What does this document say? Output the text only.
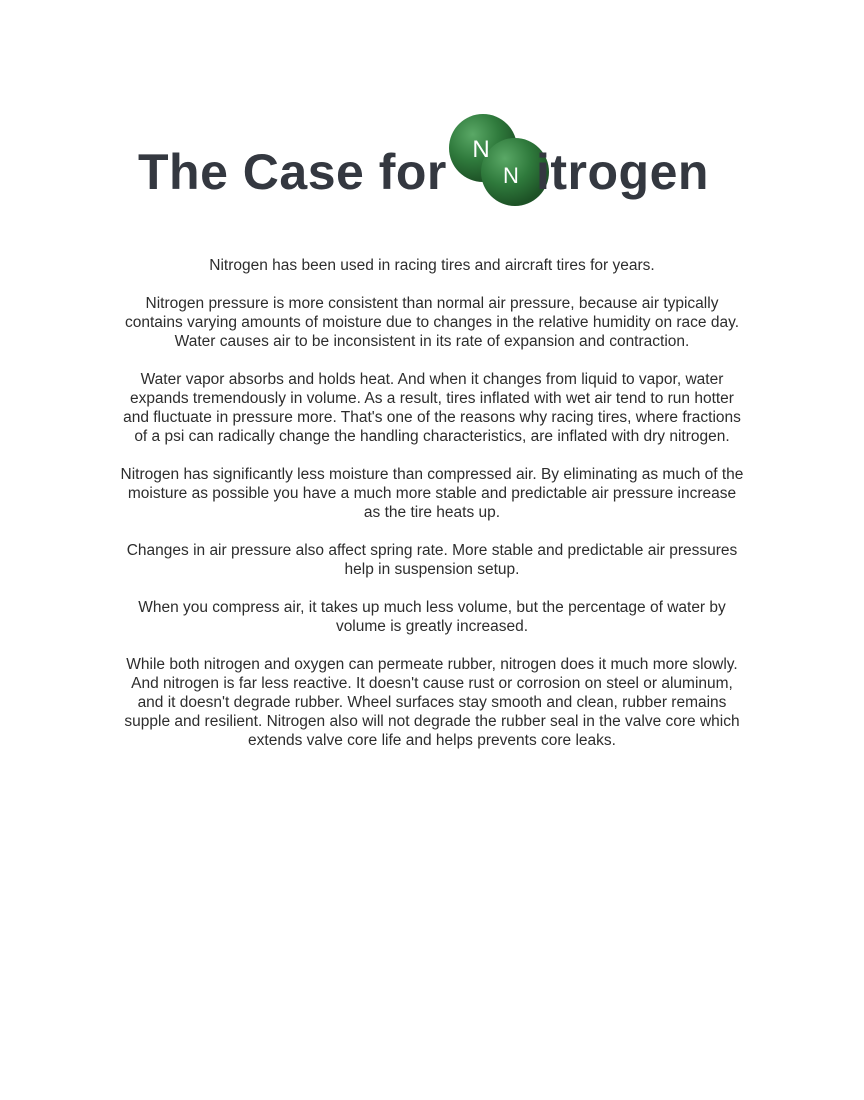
The Case for N
N itrogen

Nitrogen has been used in racing tires and aircraft tires for years.

Nitrogen pressure is more consistent than normal air pressure, because air typically contains varying amounts of moisture due to changes in the relative humidity on race day. Water causes air to be inconsistent in its rate of expansion and contraction.

Water vapor absorbs and holds heat. And when it changes from liquid to vapor, water expands tremendously in volume. As a result, tires inflated with wet air tend to run hotter and fluctuate in pressure more. That's one of the reasons why racing tires, where fractions of a psi can radically change the handling characteristics, are inflated with dry nitrogen.

Nitrogen has significantly less moisture than compressed air. By eliminating as much of the moisture as possible you have a much more stable and predictable air pressure increase as the tire heats up.

Changes in air pressure also affect spring rate. More stable and predictable air pressures help in suspension setup.

When you compress air, it takes up much less volume, but the percentage of water by volume is greatly increased.

While both nitrogen and oxygen can permeate rubber, nitrogen does it much more slowly. And nitrogen is far less reactive. It doesn't cause rust or corrosion on steel or aluminum, and it doesn't degrade rubber. Wheel surfaces stay smooth and clean, rubber remains supple and resilient. Nitrogen also will not degrade the rubber seal in the valve core which extends valve core life and helps prevents core leaks.
